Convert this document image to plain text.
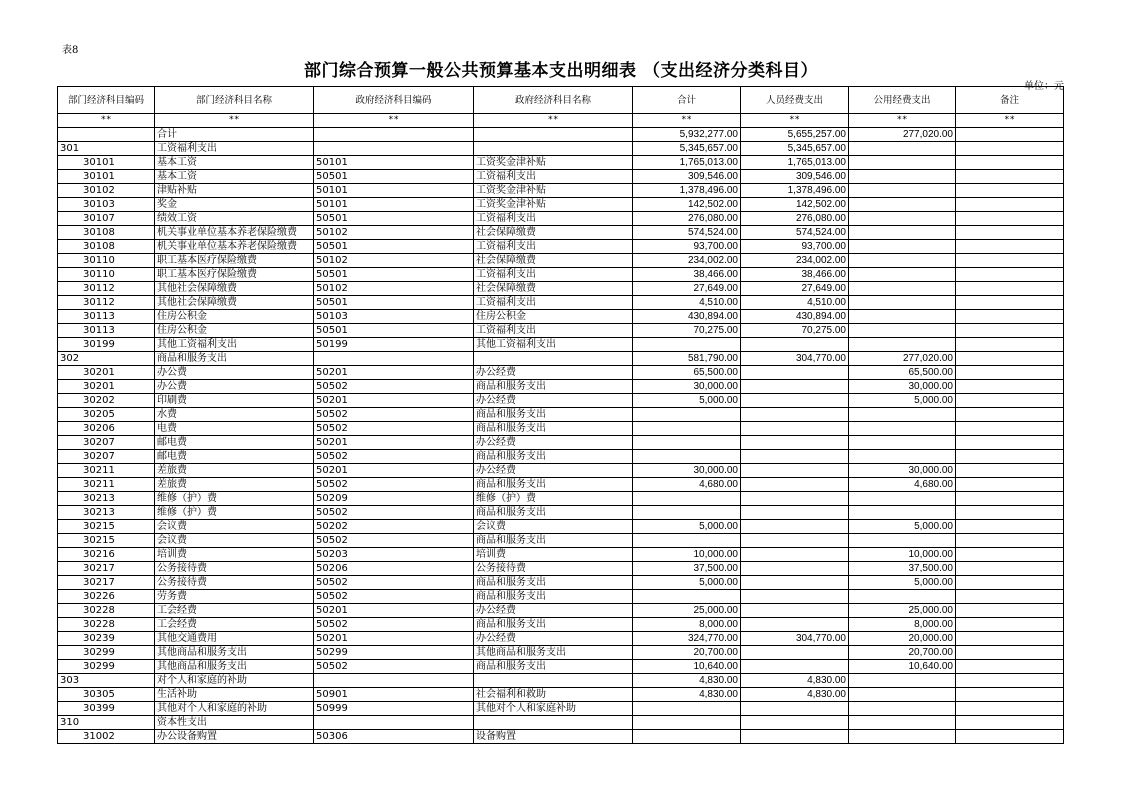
表8
部门综合预算一般公共预算基本支出明细表 （支出经济分类科目）
单位：元
部门经济科目编码	部门经济科目名称	政府经济科目编码	政府经济科目名称	合计	人员经费支出	公用经费支出	备注
**	**	**	**	**	**	**	**
	合计			5,932,277.00	5,655,257.00	277,020.00	
301	工资福利支出			5,345,657.00	5,345,657.00		
30101	基本工资	50101	工资奖金津补贴	1,765,013.00	1,765,013.00		
30101	基本工资	50501	工资福利支出	309,546.00	309,546.00		
30102	津贴补贴	50101	工资奖金津补贴	1,378,496.00	1,378,496.00		
30103	奖金	50101	工资奖金津补贴	142,502.00	142,502.00		
30107	绩效工资	50501	工资福利支出	276,080.00	276,080.00		
30108	机关事业单位基本养老保险缴费	50102	社会保障缴费	574,524.00	574,524.00		
30108	机关事业单位基本养老保险缴费	50501	工资福利支出	93,700.00	93,700.00		
30110	职工基本医疗保险缴费	50102	社会保障缴费	234,002.00	234,002.00		
30110	职工基本医疗保险缴费	50501	工资福利支出	38,466.00	38,466.00		
30112	其他社会保障缴费	50102	社会保障缴费	27,649.00	27,649.00		
30112	其他社会保障缴费	50501	工资福利支出	4,510.00	4,510.00		
30113	住房公积金	50103	住房公积金	430,894.00	430,894.00		
30113	住房公积金	50501	工资福利支出	70,275.00	70,275.00		
30199	其他工资福利支出	50199	其他工资福利支出				
302	商品和服务支出			581,790.00	304,770.00	277,020.00	
30201	办公费	50201	办公经费	65,500.00		65,500.00	
30201	办公费	50502	商品和服务支出	30,000.00		30,000.00	
30202	印刷费	50201	办公经费	5,000.00		5,000.00	
30205	水费	50502	商品和服务支出				
30206	电费	50502	商品和服务支出				
30207	邮电费	50201	办公经费				
30207	邮电费	50502	商品和服务支出				
30211	差旅费	50201	办公经费	30,000.00		30,000.00	
30211	差旅费	50502	商品和服务支出	4,680.00		4,680.00	
30213	维修（护）费	50209	维修（护）费				
30213	维修（护）费	50502	商品和服务支出				
30215	会议费	50202	会议费	5,000.00		5,000.00	
30215	会议费	50502	商品和服务支出				
30216	培训费	50203	培训费	10,000.00		10,000.00	
30217	公务接待费	50206	公务接待费	37,500.00		37,500.00	
30217	公务接待费	50502	商品和服务支出	5,000.00		5,000.00	
30226	劳务费	50502	商品和服务支出				
30228	工会经费	50201	办公经费	25,000.00		25,000.00	
30228	工会经费	50502	商品和服务支出	8,000.00		8,000.00	
30239	其他交通费用	50201	办公经费	324,770.00	304,770.00	20,000.00	
30299	其他商品和服务支出	50299	其他商品和服务支出	20,700.00		20,700.00	
30299	其他商品和服务支出	50502	商品和服务支出	10,640.00		10,640.00	
303	对个人和家庭的补助			4,830.00	4,830.00		
30305	生活补助	50901	社会福利和救助	4,830.00	4,830.00		
30399	其他对个人和家庭的补助	50999	其他对个人和家庭补助				
310	资本性支出						
31002	办公设备购置	50306	设备购置				
